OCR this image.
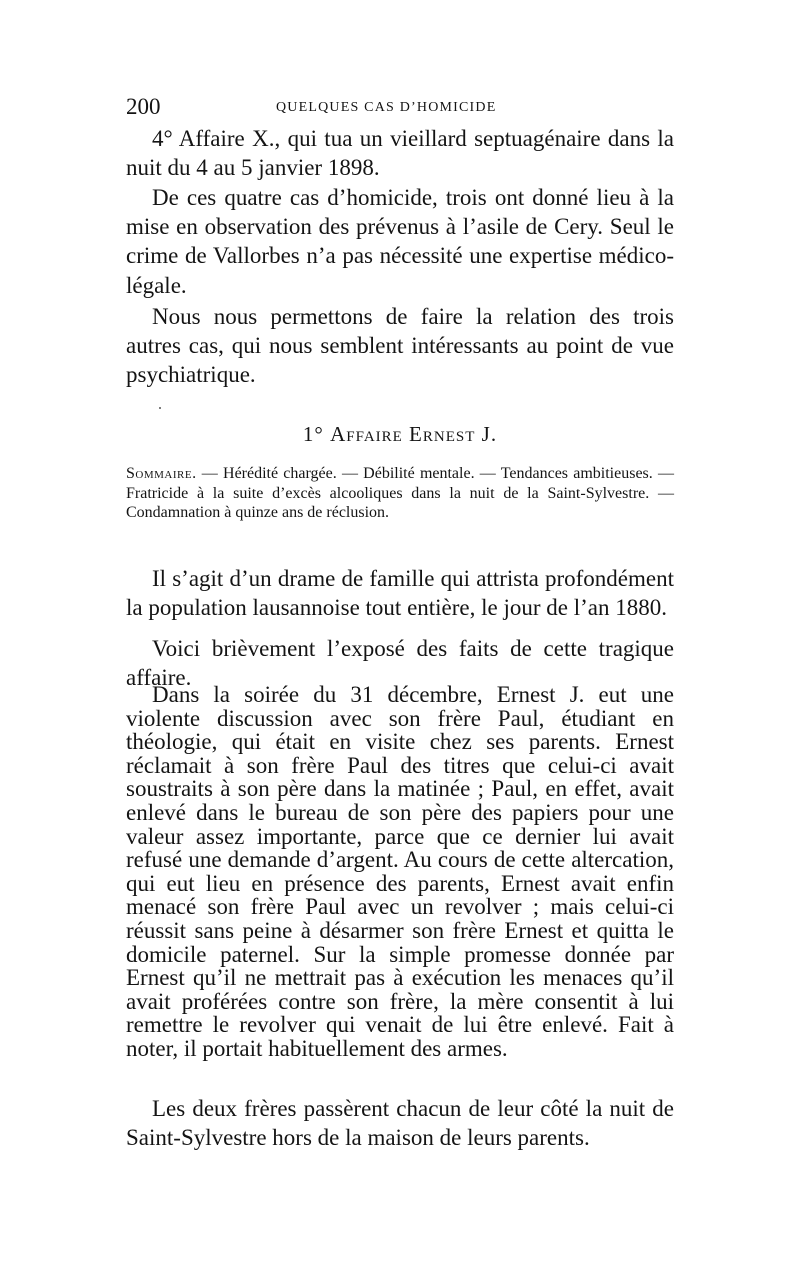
200	QUELQUES CAS D’HOMICIDE

4° Affaire X., qui tua un vieillard septuagénaire dans la nuit du 4 au 5 janvier 1898.

De ces quatre cas d’homicide, trois ont donné lieu à la mise en observation des prévenus à l’asile de Cery. Seul le crime de Vallorbes n’a pas nécessité une expertise médico-légale.

Nous nous permettons de faire la relation des trois autres cas, qui nous semblent intéressants au point de vue psychiatrique.

1° Affaire Ernest J.

Sommaire. — Hérédité chargée. — Débilité mentale. — Tendances ambitieuses. — Fratricide à la suite d’excès alcooliques dans la nuit de la Saint-Sylvestre. — Condamnation à quinze ans de réclusion.

Il s’agit d’un drame de famille qui attrista profondément la population lausannoise tout entière, le jour de l’an 1880.

Voici brièvement l’exposé des faits de cette tragique affaire.

Dans la soirée du 31 décembre, Ernest J. eut une violente discussion avec son frère Paul, étudiant en théologie, qui était en visite chez ses parents. Ernest réclamait à son frère Paul des titres que celui-ci avait soustraits à son père dans la matinée ; Paul, en effet, avait enlevé dans le bureau de son père des papiers pour une valeur assez importante, parce que ce dernier lui avait refusé une demande d’argent. Au cours de cette altercation, qui eut lieu en présence des parents, Ernest avait enfin menacé son frère Paul avec un revolver ; mais celui-ci réussit sans peine à désarmer son frère Ernest et quitta le domicile paternel. Sur la simple promesse donnée par Ernest qu’il ne mettrait pas à exécution les menaces qu’il avait proférées contre son frère, la mère consentit à lui remettre le revolver qui venait de lui être enlevé. Fait à noter, il portait habituellement des armes.

Les deux frères passèrent chacun de leur côté la nuit de Saint-Sylvestre hors de la maison de leurs parents.
